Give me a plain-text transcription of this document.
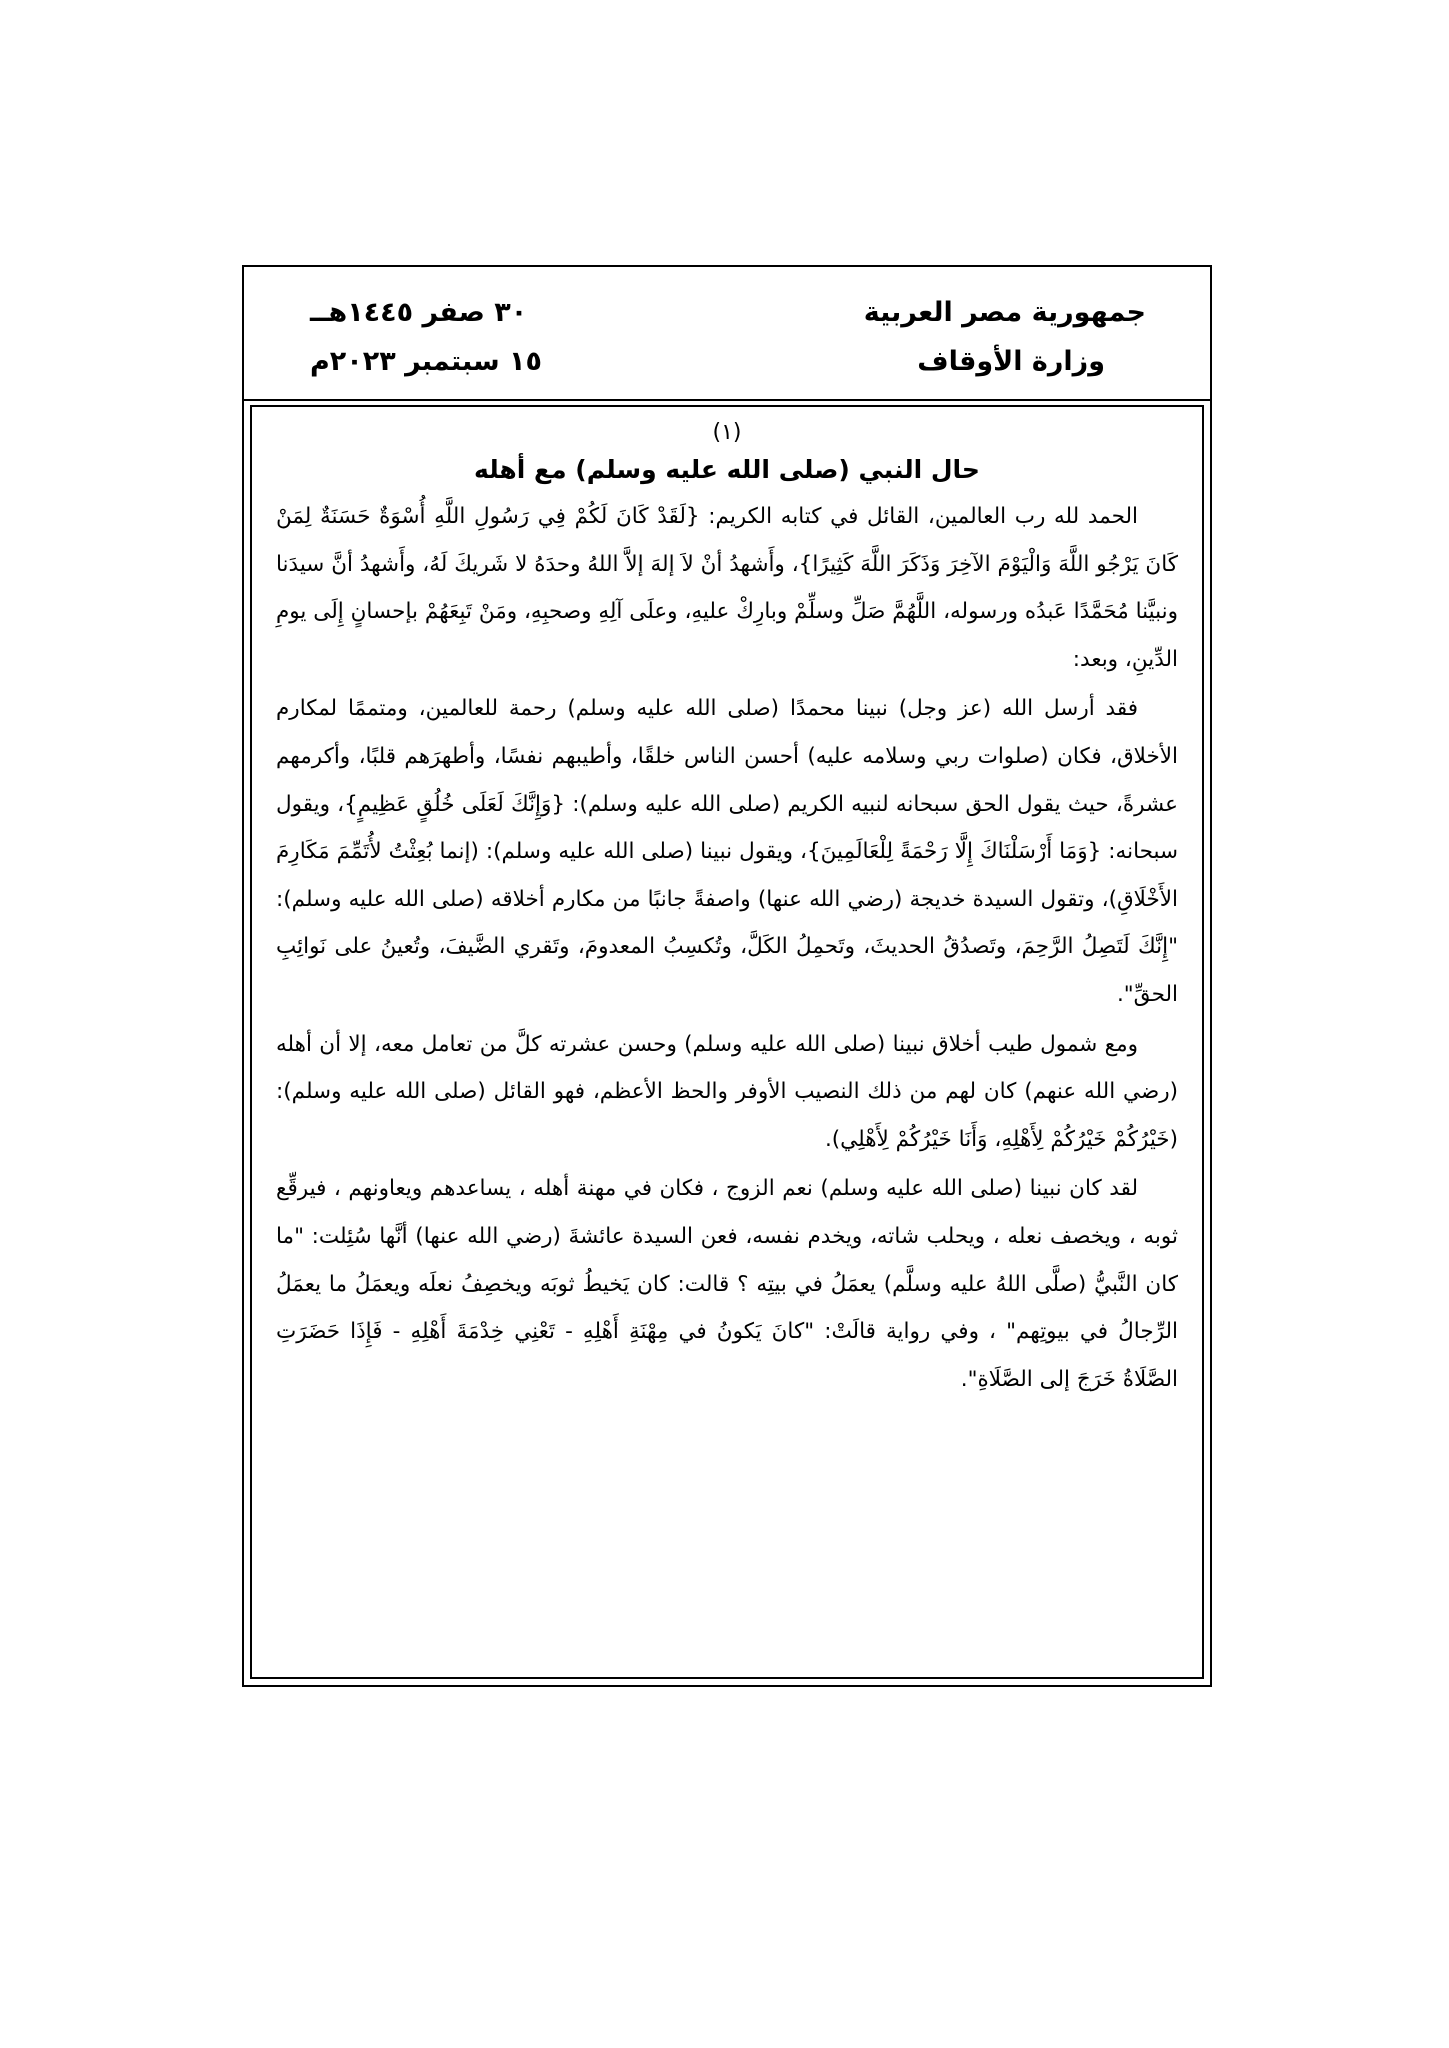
جمهورية مصر العربية
وزارة الأوقاف
٣٠ صفر ١٤٤٥هــ
١٥ سبتمبر ٢٠٢٣م

(١)

حال النبي (صلى الله عليه وسلم) مع أهله

الحمد لله رب العالمين، القائل في كتابه الكريم: {لَقَدْ كَانَ لَكُمْ فِي رَسُولِ اللَّهِ أُسْوَةٌ حَسَنَةٌ لِمَنْ كَانَ يَرْجُو اللَّهَ وَالْيَوْمَ الآخِرَ وَذَكَرَ اللَّهَ كَثِيرًا}، وأَشهدُ أنْ لاَ إلهَ إلاَّ اللهُ وحدَهُ لا شَريكَ لَهُ، وأَشهدُ أنَّ سيدَنا ونبيَّنا مُحَمَّدًا عَبدُه ورسوله، اللَّهُمَّ صَلِّ وسلِّمْ وبارِكْ عليهِ، وعلَى آلِهِ وصحبِهِ، ومَنْ تَبِعَهُمْ بإحسانٍ إِلَى يومِ الدِّينِ، وبعد:

فقد أرسل الله (عز وجل) نبينا محمدًا (صلى الله عليه وسلم) رحمة للعالمين، ومتممًا لمكارم الأخلاق، فكان (صلوات ربي وسلامه عليه) أحسن الناس خلقًا، وأطيبهم نفسًا، وأطهرَهم قلبًا، وأكرمهم عشرةً، حيث يقول الحق سبحانه لنبيه الكريم (صلى الله عليه وسلم): {وَإِنَّكَ لَعَلَى خُلُقٍ عَظِيمٍ}، ويقول سبحانه: {وَمَا أَرْسَلْنَاكَ إِلَّا رَحْمَةً لِلْعَالَمِينَ}، ويقول نبينا (صلى الله عليه وسلم): (إنما بُعِثْتُ لأُتَمِّمَ مَكَارِمَ الأَخْلَاقِ)، وتقول السيدة خديجة (رضي الله عنها) واصفةً جانبًا من مكارم أخلاقه (صلى الله عليه وسلم): "إِنَّكَ لَتَصِلُ الرَّحِمَ، وتَصدُقُ الحديثَ، وتَحمِلُ الكَلَّ، وتُكسِبُ المعدومَ، وتَقري الضَّيفَ، وتُعينُ على نَوائِبِ الحقِّ".

ومع شمول طيب أخلاق نبينا (صلى الله عليه وسلم) وحسن عشرته كلَّ من تعامل معه، إلا أن أهله (رضي الله عنهم) كان لهم من ذلك النصيب الأوفر والحظ الأعظم، فهو القائل (صلى الله عليه وسلم): (خَيْرُكُمْ خَيْرُكُمْ لِأَهْلِهِ، وَأَنَا خَيْرُكُمْ لِأَهْلِي).

لقد كان نبينا (صلى الله عليه وسلم) نعم الزوج ، فكان في مهنة أهله ، يساعدهم ويعاونهم ، فيرقِّع ثوبه ، ويخصف نعله ، ويحلب شاته، ويخدم نفسه، فعن السيدة عائشةَ (رضي الله عنها) أنَّها سُئِلت: "ما كان النَّبيُّ (صلَّى اللهُ عليه وسلَّم) يعمَلُ في بيتِه ؟ قالت: كان يَخيطُ ثوبَه ويخصِفُ نعلَه ويعمَلُ ما يعمَلُ الرِّجالُ في بيوتِهم" ، وفي رواية قالَتْ: "كانَ يَكونُ في مِهْنَةِ أَهْلِهِ - تَعْنِي خِدْمَةَ أَهْلِهِ - فَإِذَا حَضَرَتِ الصَّلَاةُ خَرَجَ إلى الصَّلَاةِ".
